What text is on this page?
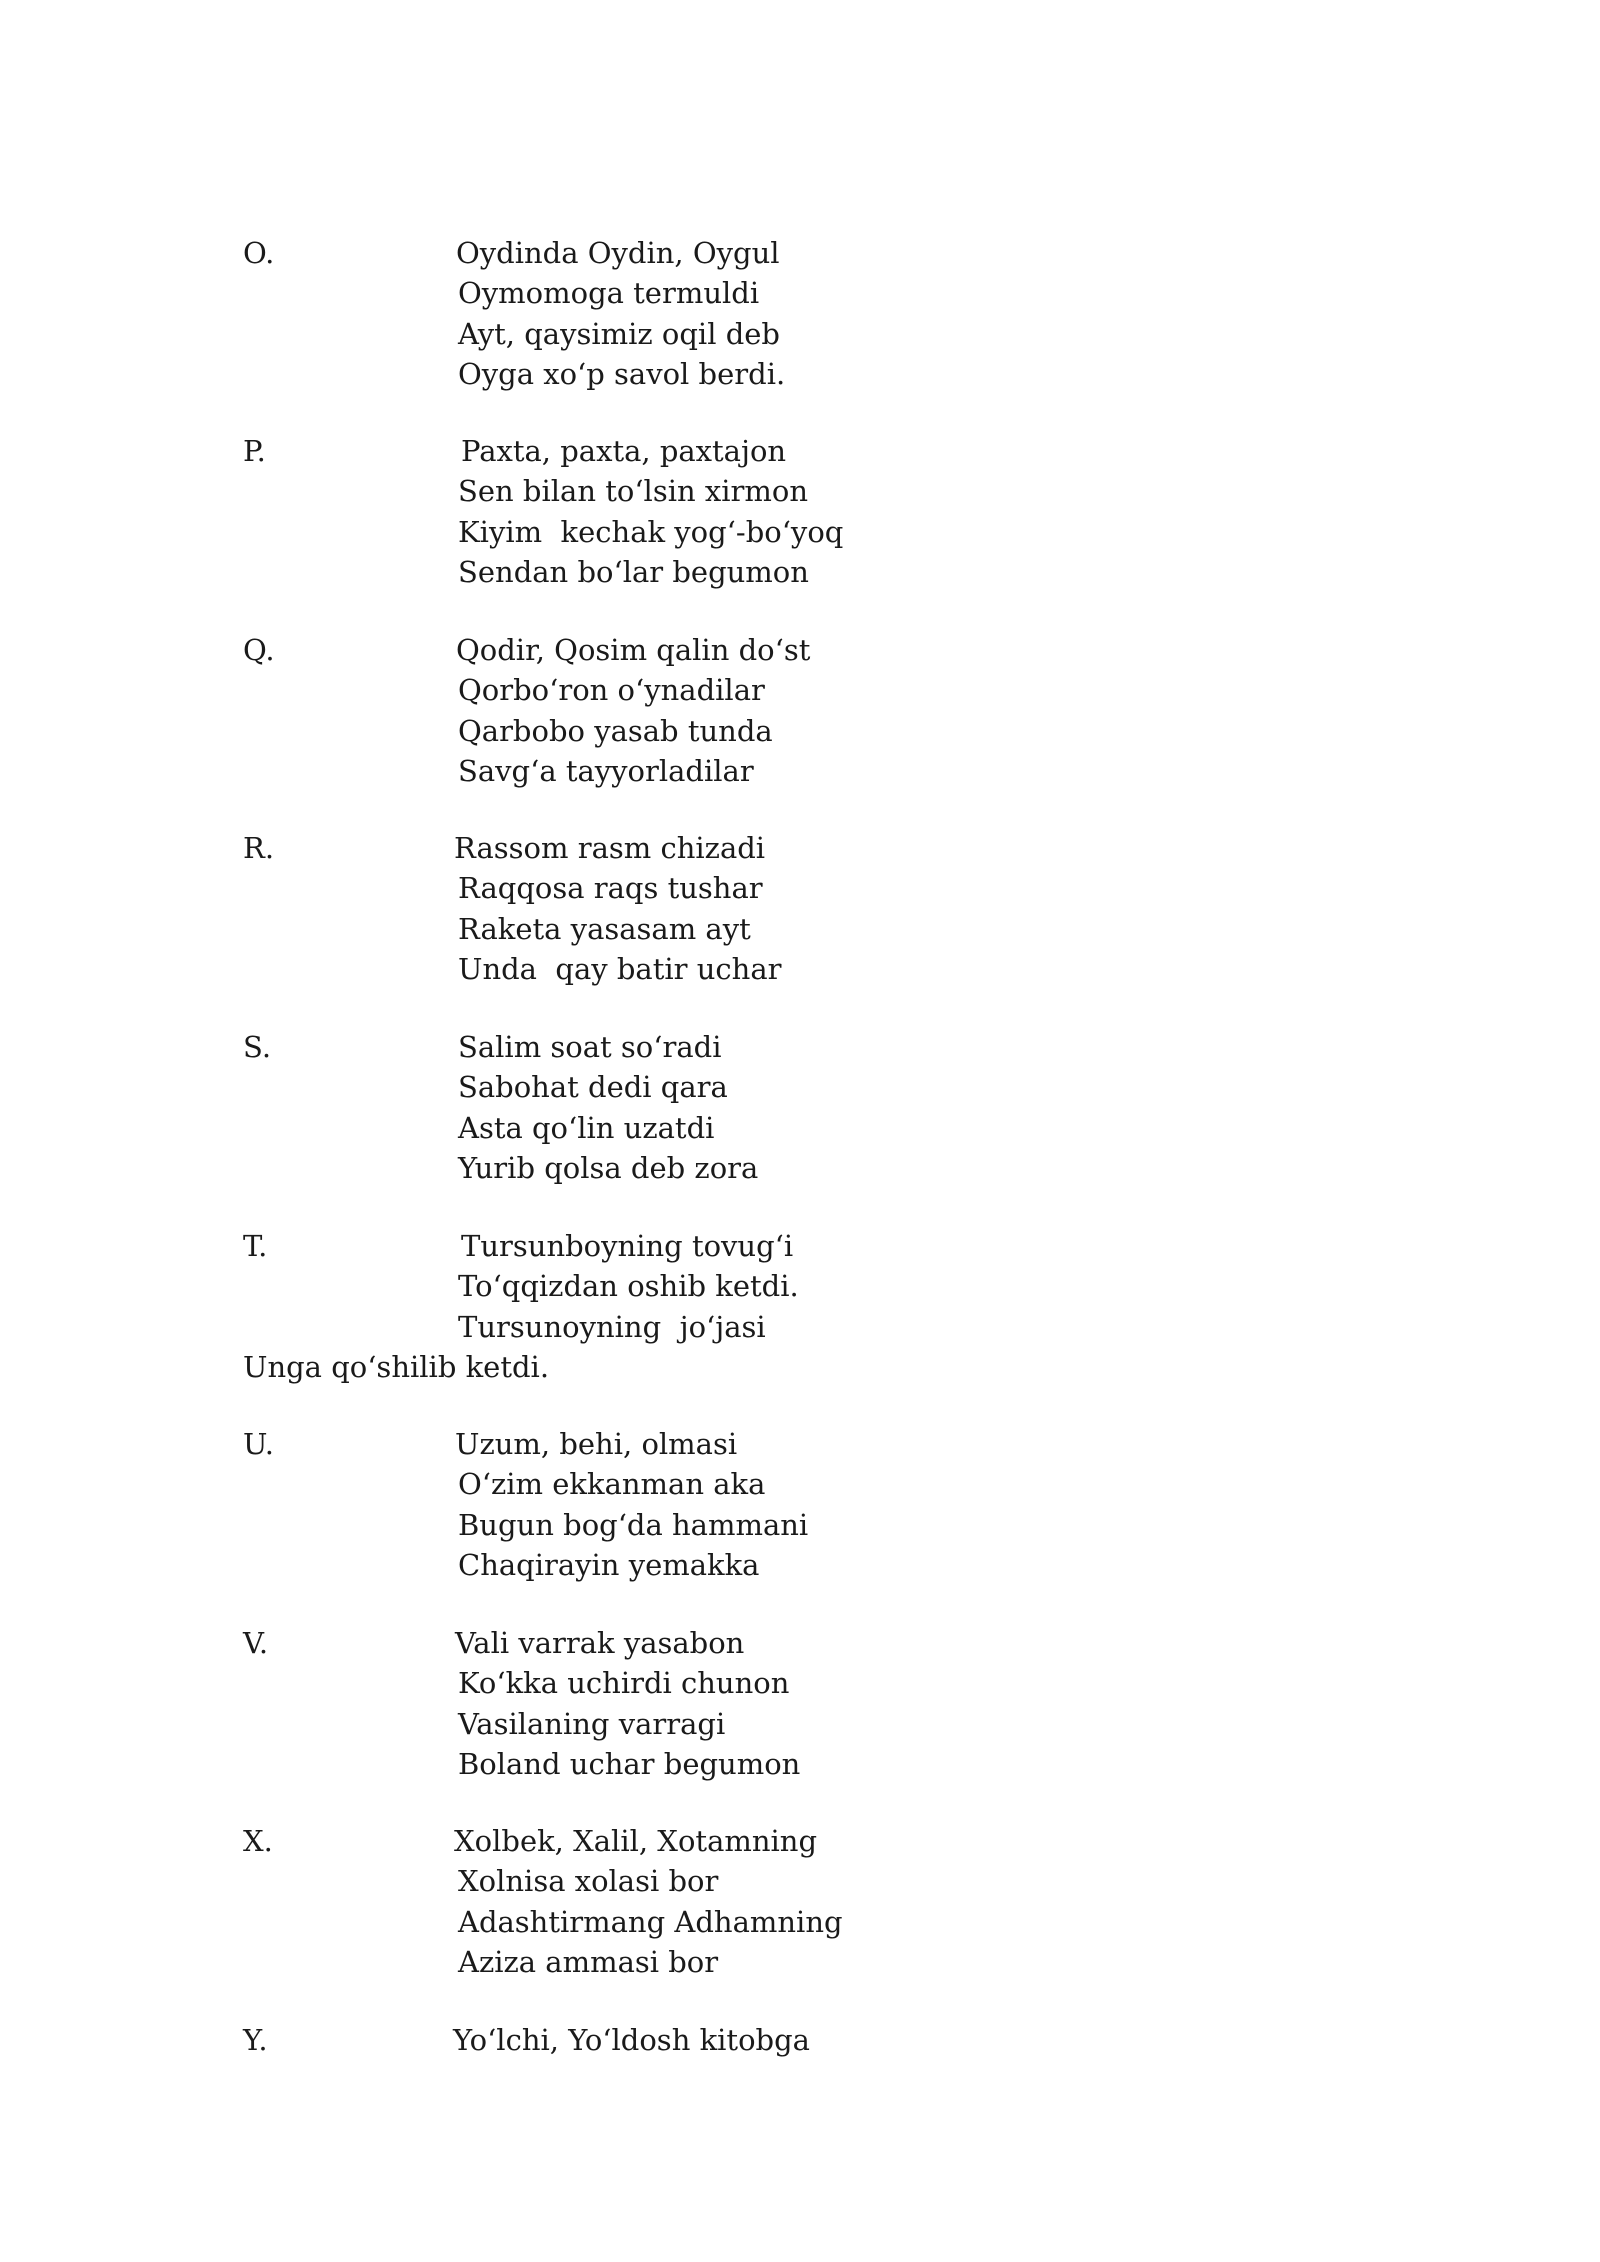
O.	Oydinda Oydin, Oygul
Oymomoga termuldi
Ayt, qaysimiz oqil deb
Oyga xo‘p savol berdi.
P.	Paxta, paxta, paxtajon
Sen bilan to‘lsin xirmon
Kiyim  kechak yog‘-bo‘yoq
Sendan bo‘lar begumon
Q.	Qodir, Qosim qalin do‘st
Qorbo‘ron o‘ynadilar
Qarbobo yasab tunda
Savg‘a tayyorladilar
R.	Rassom rasm chizadi
Raqqosa raqs tushar
Raketa yasasam ayt
Unda  qay batir uchar
S.	Salim soat so‘radi
Sabohat dedi qara
Asta qo‘lin uzatdi
Yurib qolsa deb zora
T.	Tursunboyning tovug‘i
To‘qqizdan oshib ketdi.
Tursunoyning  jo‘jasi
Unga qo‘shilib ketdi.
U.	Uzum, behi, olmasi
O‘zim ekkanman aka
Bugun bog‘da hammani
Chaqirayin yemakka
V.	Vali varrak yasabon
Ko‘kka uchirdi chunon
Vasilaning varragi
Boland uchar begumon
X.	Xolbek, Xalil, Xotamning
Xolnisa xolasi bor
Adashtirmang Adhamning
Aziza ammasi bor
Y.	Yo‘lchi, Yo‘ldosh kitobga
